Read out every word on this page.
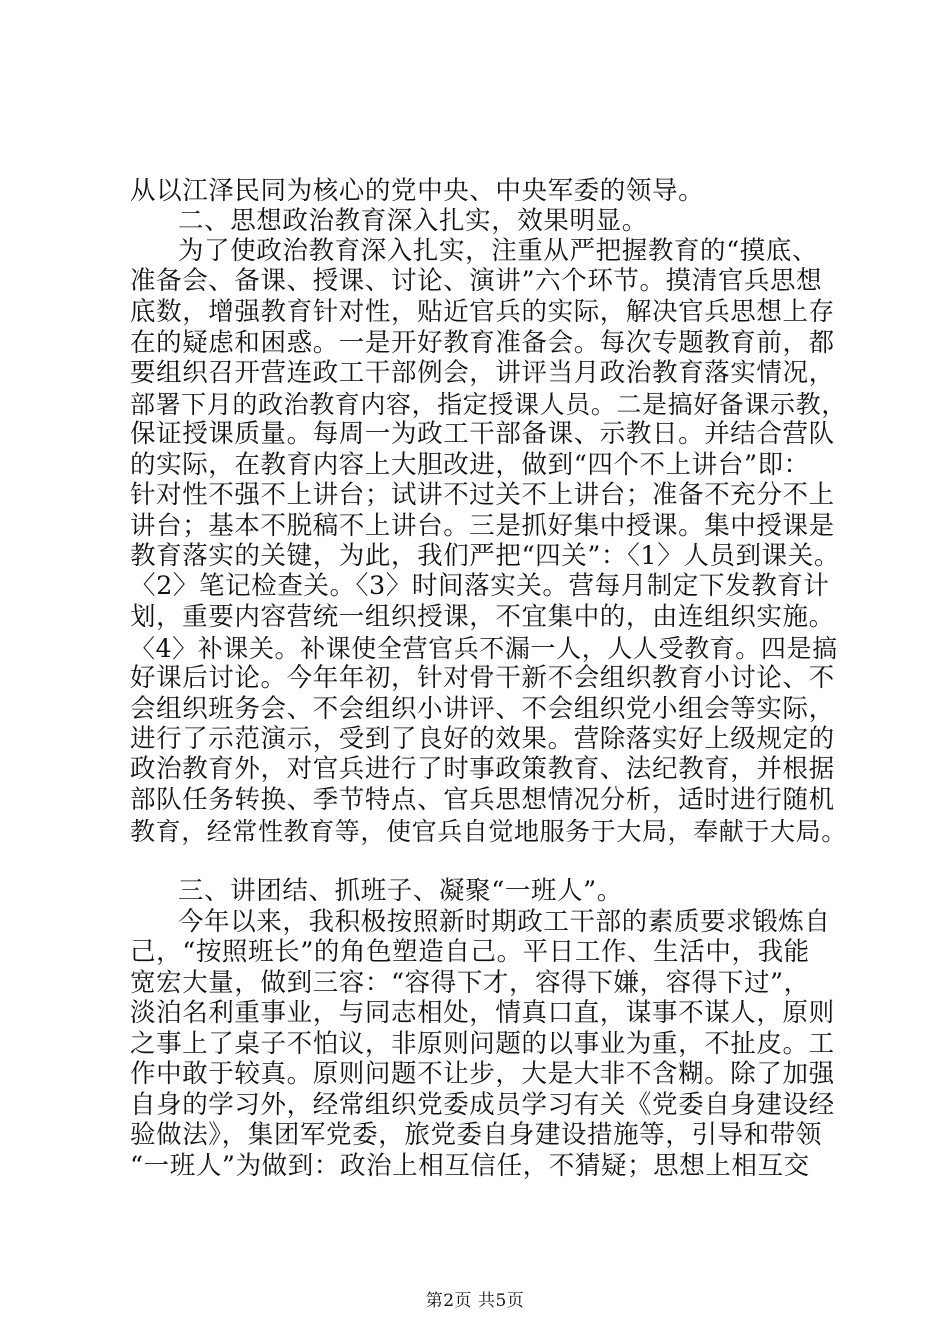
从以江泽民同为核心的党中央、中央军委的领导。
二、思想政治教育深入扎实，效果明显。
为了使政治教育深入扎实，注重从严把握教育的“摸底、
准备会、备课、授课、讨论、演讲”六个环节。摸清官兵思想
底数，增强教育针对性，贴近官兵的实际，解决官兵思想上存
在的疑虑和困惑。一是开好教育准备会。每次专题教育前，都
要组织召开营连政工干部例会，讲评当月政治教育落实情况，
部署下月的政治教育内容，指定授课人员。二是搞好备课示教，
保证授课质量。每周一为政工干部备课、示教日。并结合营队
的实际，在教育内容上大胆改进，做到“四个不上讲台”即：
针对性不强不上讲台；试讲不过关不上讲台；准备不充分不上
讲台；基本不脱稿不上讲台。三是抓好集中授课。集中授课是
教育落实的关键，为此，我们严把“四关”：〈1〉人员到课关。
〈2〉笔记检查关。〈3〉时间落实关。营每月制定下发教育计
划，重要内容营统一组织授课，不宜集中的，由连组织实施。
〈4〉补课关。补课使全营官兵不漏一人，人人受教育。四是搞
好课后讨论。今年年初，针对骨干新不会组织教育小讨论、不
会组织班务会、不会组织小讲评、不会组织党小组会等实际，
进行了示范演示，受到了良好的效果。营除落实好上级规定的
政治教育外，对官兵进行了时事政策教育、法纪教育，并根据
部队任务转换、季节特点、官兵思想情况分析，适时进行随机
教育，经常性教育等，使官兵自觉地服务于大局，奉献于大局。
三、讲团结、抓班子、凝聚“一班人”。
今年以来，我积极按照新时期政工干部的素质要求锻炼自
己，“按照班长”的角色塑造自己。平日工作、生活中，我能
宽宏大量，做到三容：“容得下才，容得下嫌，容得下过”，
淡泊名利重事业，与同志相处，情真口直，谋事不谋人，原则
之事上了桌子不怕议，非原则问题的以事业为重，不扯皮。工
作中敢于较真。原则问题不让步，大是大非不含糊。除了加强
自身的学习外，经常组织党委成员学习有关《党委自身建设经
验做法》，集团军党委，旅党委自身建设措施等，引导和带领
“一班人”为做到：政治上相互信任，不猜疑；思想上相互交
第2页 共5页
